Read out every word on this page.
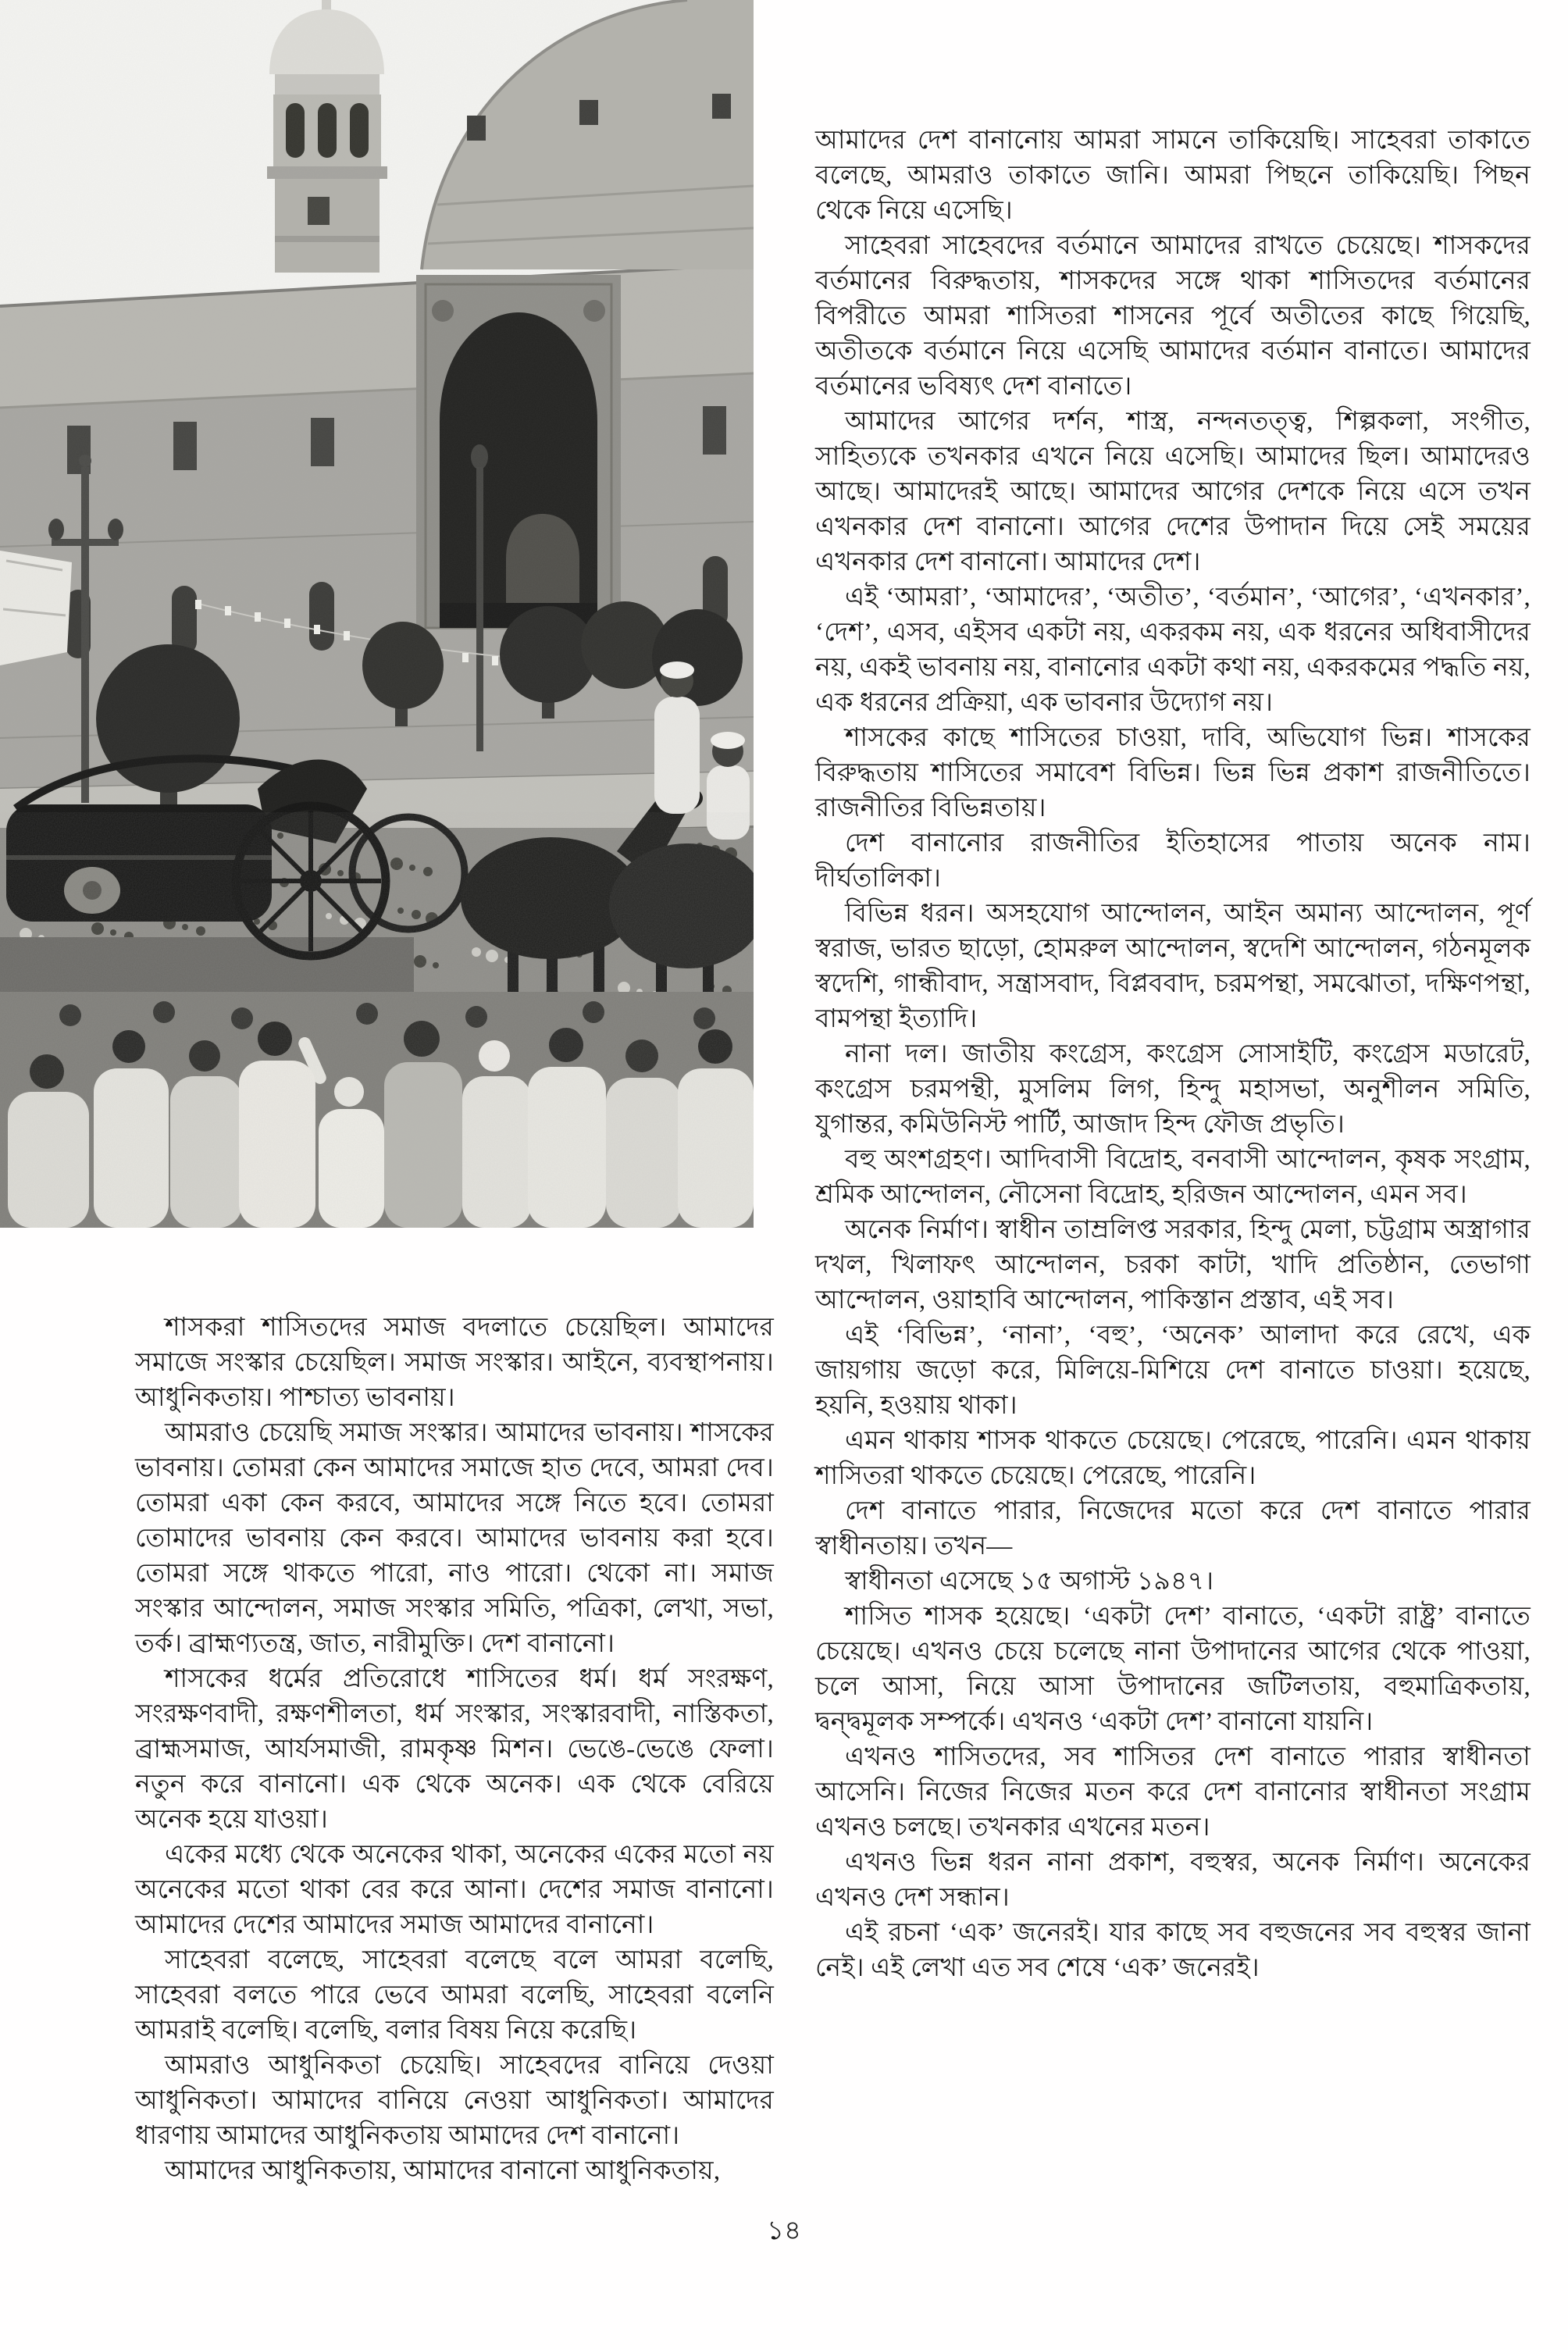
শাসকরা শাসিতদের সমাজ বদলাতে চেয়েছিল। আমাদের সমাজে সংস্কার চেয়েছিল। সমাজ সংস্কার। আইনে, ব্যবস্থাপনায়। আধুনিকতায়। পাশ্চাত্য ভাবনায়।

আমরাও চেয়েছি সমাজ সংস্কার। আমাদের ভাবনায়। শাসকের ভাবনায়। তোমরা কেন আমাদের সমাজে হাত দেবে, আমরা দেব। তোমরা একা কেন করবে, আমাদের সঙ্গে নিতে হবে। তোমরা তোমাদের ভাবনায় কেন করবে। আমাদের ভাবনায় করা হবে। তোমরা সঙ্গে থাকতে পারো, নাও পারো। থেকো না। সমাজ সংস্কার আন্দোলন, সমাজ সংস্কার সমিতি, পত্রিকা, লেখা, সভা, তর্ক। ব্রাহ্মণ্যতন্ত্র, জাত, নারীমুক্তি। দেশ বানানো।

শাসকের ধর্মের প্রতিরোধে শাসিতের ধর্ম। ধর্ম সংরক্ষণ, সংরক্ষণবাদী, রক্ষণশীলতা, ধর্ম সংস্কার, সংস্কারবাদী, নাস্তিকতা, ব্রাহ্মসমাজ, আর্যসমাজী, রামকৃষ্ণ মিশন। ভেঙে-ভেঙে ফেলা। নতুন করে বানানো। এক থেকে অনেক। এক থেকে বেরিয়ে অনেক হয়ে যাওয়া।

একের মধ্যে থেকে অনেকের থাকা, অনেকের একের মতো নয় অনেকের মতো থাকা বের করে আনা। দেশের সমাজ বানানো। আমাদের দেশের আমাদের সমাজ আমাদের বানানো।

সাহেবরা বলেছে, সাহেবরা বলেছে বলে আমরা বলেছি, সাহেবরা বলতে পারে ভেবে আমরা বলেছি, সাহেবরা বলেনি আমরাই বলেছি। বলেছি, বলার বিষয় নিয়ে করেছি।

আমরাও আধুনিকতা চেয়েছি। সাহেবদের বানিয়ে দেওয়া আধুনিকতা। আমাদের বানিয়ে নেওয়া আধুনিকতা। আমাদের ধারণায় আমাদের আধুনিকতায় আমাদের দেশ বানানো।

আমাদের আধুনিকতায়, আমাদের বানানো আধুনিকতায়,

আমাদের দেশ বানানোয় আমরা সামনে তাকিয়েছি। সাহেবরা তাকাতে বলেছে, আমরাও তাকাতে জানি। আমরা পিছনে তাকিয়েছি। পিছন থেকে নিয়ে এসেছি।

সাহেবরা সাহেবদের বর্তমানে আমাদের রাখতে চেয়েছে। শাসকদের বর্তমানের বিরুদ্ধতায়, শাসকদের সঙ্গে থাকা শাসিতদের বর্তমানের বিপরীতে আমরা শাসিতরা শাসনের পূর্বে অতীতের কাছে গিয়েছি, অতীতকে বর্তমানে নিয়ে এসেছি আমাদের বর্তমান বানাতে। আমাদের বর্তমানের ভবিষ্যৎ দেশ বানাতে।

আমাদের আগের দর্শন, শাস্ত্র, নন্দনতত্ত্ব, শিল্পকলা, সংগীত, সাহিত্যকে তখনকার এখনে নিয়ে এসেছি। আমাদের ছিল। আমাদেরও আছে। আমাদেরই আছে। আমাদের আগের দেশকে নিয়ে এসে তখন এখনকার দেশ বানানো। আগের দেশের উপাদান দিয়ে সেই সময়ের এখনকার দেশ বানানো। আমাদের দেশ।

এই ‘আমরা’, ‘আমাদের’, ‘অতীত’, ‘বর্তমান’, ‘আগের’, ‘এখনকার’, ‘দেশ’, এসব, এইসব একটা নয়, একরকম নয়, এক ধরনের অধিবাসীদের নয়, একই ভাবনায় নয়, বানানোর একটা কথা নয়, একরকমের পদ্ধতি নয়, এক ধরনের প্রক্রিয়া, এক ভাবনার উদ্যোগ নয়।

শাসকের কাছে শাসিতের চাওয়া, দাবি, অভিযোগ ভিন্ন। শাসকের বিরুদ্ধতায় শাসিতের সমাবেশ বিভিন্ন। ভিন্ন ভিন্ন প্রকাশ রাজনীতিতে। রাজনীতির বিভিন্নতায়।

দেশ বানানোর রাজনীতির ইতিহাসের পাতায় অনেক নাম। দীর্ঘতালিকা।

বিভিন্ন ধরন। অসহযোগ আন্দোলন, আইন অমান্য আন্দোলন, পূর্ণ স্বরাজ, ভারত ছাড়ো, হোমরুল আন্দোলন, স্বদেশি আন্দোলন, গঠনমূলক স্বদেশি, গান্ধীবাদ, সন্ত্রাসবাদ, বিপ্লববাদ, চরমপন্থা, সমঝোতা, দক্ষিণপন্থা, বামপন্থা ইত্যাদি।

নানা দল। জাতীয় কংগ্রেস, কংগ্রেস সোসাইটি, কংগ্রেস মডারেট, কংগ্রেস চরমপন্থী, মুসলিম লিগ, হিন্দু মহাসভা, অনুশীলন সমিতি, যুগান্তর, কমিউনিস্ট পার্টি, আজাদ হিন্দ ফৌজ প্রভৃতি।

বহু অংশগ্রহণ। আদিবাসী বিদ্রোহ, বনবাসী আন্দোলন, কৃষক সংগ্রাম, শ্রমিক আন্দোলন, নৌসেনা বিদ্রোহ, হরিজন আন্দোলন, এমন সব।

অনেক নির্মাণ। স্বাধীন তাম্রলিপ্ত সরকার, হিন্দু মেলা, চট্টগ্রাম অস্ত্রাগার দখল, খিলাফৎ আন্দোলন, চরকা কাটা, খাদি প্রতিষ্ঠান, তেভাগা আন্দোলন, ওয়াহাবি আন্দোলন, পাকিস্তান প্রস্তাব, এই সব।

এই ‘বিভিন্ন’, ‘নানা’, ‘বহু’, ‘অনেক’ আলাদা করে রেখে, এক জায়গায় জড়ো করে, মিলিয়ে-মিশিয়ে দেশ বানাতে চাওয়া। হয়েছে, হয়নি, হওয়ায় থাকা।

এমন থাকায় শাসক থাকতে চেয়েছে। পেরেছে, পারেনি। এমন থাকায় শাসিতরা থাকতে চেয়েছে। পেরেছে, পারেনি।

দেশ বানাতে পারার, নিজেদের মতো করে দেশ বানাতে পারার স্বাধীনতায়। তখন—

স্বাধীনতা এসেছে ১৫ অগাস্ট ১৯৪৭।

শাসিত শাসক হয়েছে। ‘একটা দেশ’ বানাতে, ‘একটা রাষ্ট্র’ বানাতে চেয়েছে। এখনও চেয়ে চলেছে নানা উপাদানের আগের থেকে পাওয়া, চলে আসা, নিয়ে আসা উপাদানের জটিলতায়, বহুমাত্রিকতায়, দ্বন্দ্বমূলক সম্পর্কে। এখনও ‘একটা দেশ’ বানানো যায়নি।

এখনও শাসিতদের, সব শাসিতর দেশ বানাতে পারার স্বাধীনতা আসেনি। নিজের নিজের মতন করে দেশ বানানোর স্বাধীনতা সংগ্রাম এখনও চলছে। তখনকার এখনের মতন।

এখনও ভিন্ন ধরন নানা প্রকাশ, বহুস্বর, অনেক নির্মাণ। অনেকের এখনও দেশ সন্ধান।

এই রচনা ‘এক’ জনেরই। যার কাছে সব বহুজনের সব বহুস্বর জানা নেই। এই লেখা এত সব শেষে ‘এক’ জনেরই।

১৪
